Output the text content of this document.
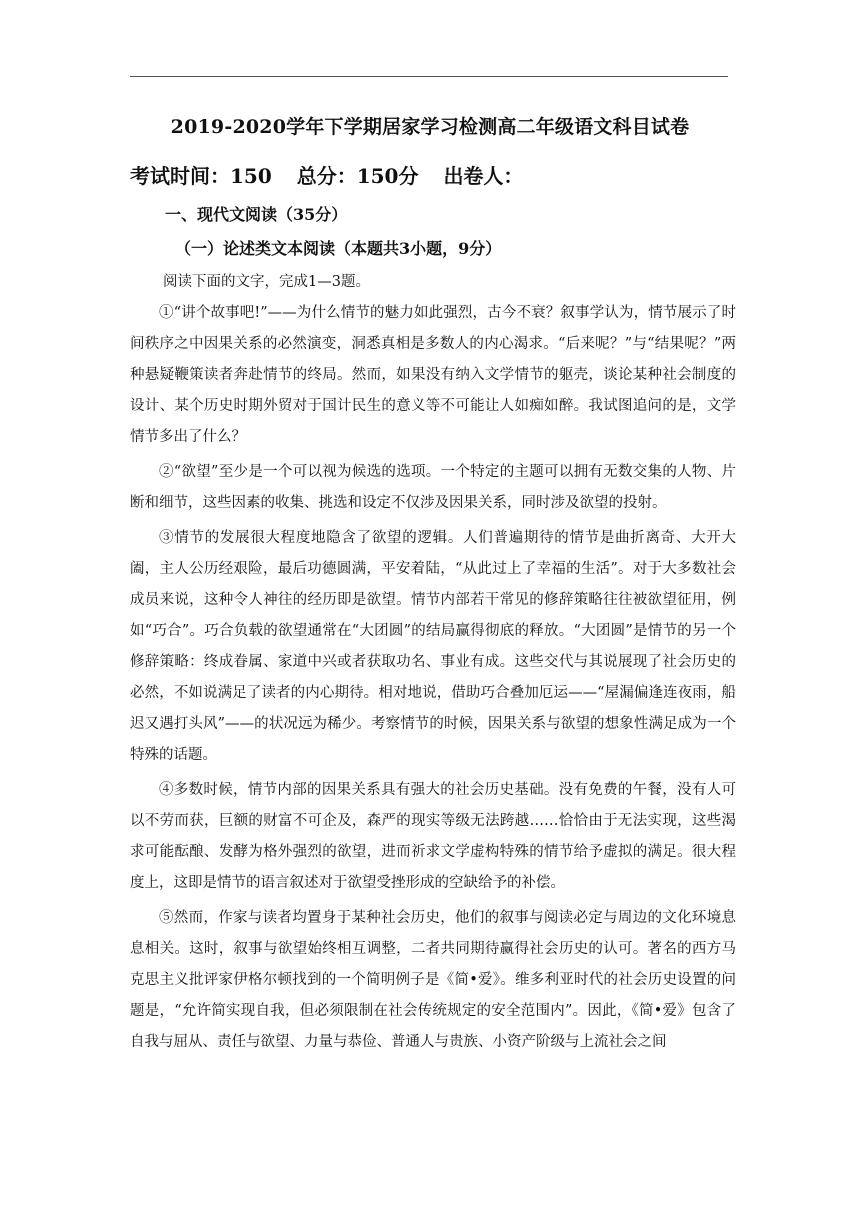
2019-2020学年下学期居家学习检测高二年级语文科目试卷
考试时间：150 总分：150分 出卷人：
一、现代文阅读（35分）
（一）论述类文本阅读（本题共3小题，9分）
阅读下面的文字，完成1—3题。

①“讲个故事吧!”——为什么情节的魅力如此强烈，古今不衰？叙事学认为，情节展示了时间秩序之中因果关系的必然演变，洞悉真相是多数人的内心渴求。“后来呢？”与“结果呢？”两种悬疑鞭策读者奔赴情节的终局。然而，如果没有纳入文学情节的躯壳，谈论某种社会制度的设计、某个历史时期外贸对于国计民生的意义等不可能让人如痴如醉。我试图追问的是，文学情节多出了什么？

②“欲望”至少是一个可以视为候选的选项。一个特定的主题可以拥有无数交集的人物、片断和细节，这些因素的收集、挑选和设定不仅涉及因果关系，同时涉及欲望的投射。

③情节的发展很大程度地隐含了欲望的逻辑。人们普遍期待的情节是曲折离奇、大开大阖，主人公历经艰险，最后功德圆满，平安着陆，“从此过上了幸福的生活”。对于大多数社会成员来说，这种令人神往的经历即是欲望。情节内部若干常见的修辞策略往往被欲望征用，例如“巧合”。巧合负载的欲望通常在“大团圆”的结局赢得彻底的释放。“大团圆”是情节的另一个修辞策略：终成眷属、家道中兴或者获取功名、事业有成。这些交代与其说展现了社会历史的必然，不如说满足了读者的内心期待。相对地说，借助巧合叠加厄运——“屋漏偏逢连夜雨，船迟又遇打头风”——的状况远为稀少。考察情节的时候，因果关系与欲望的想象性满足成为一个特殊的话题。

④多数时候，情节内部的因果关系具有强大的社会历史基础。没有免费的午餐，没有人可以不劳而获，巨额的财富不可企及，森严的现实等级无法跨越……恰恰由于无法实现，这些渴求可能酝酿、发酵为格外强烈的欲望，进而祈求文学虚构特殊的情节给予虚拟的满足。很大程度上，这即是情节的语言叙述对于欲望受挫形成的空缺给予的补偿。

⑤然而，作家与读者均置身于某种社会历史，他们的叙事与阅读必定与周边的文化环境息息相关。这时，叙事与欲望始终相互调整，二者共同期待赢得社会历史的认可。著名的西方马克思主义批评家伊格尔顿找到的一个简明例子是《简•爱》。维多利亚时代的社会历史设置的问题是，“允许简实现自我，但必须限制在社会传统规定的安全范围内”。因此，《简•爱》包含了自我与屈从、责任与欲望、力量与恭俭、普通人与贵族、小资产阶级与上流社会之间
